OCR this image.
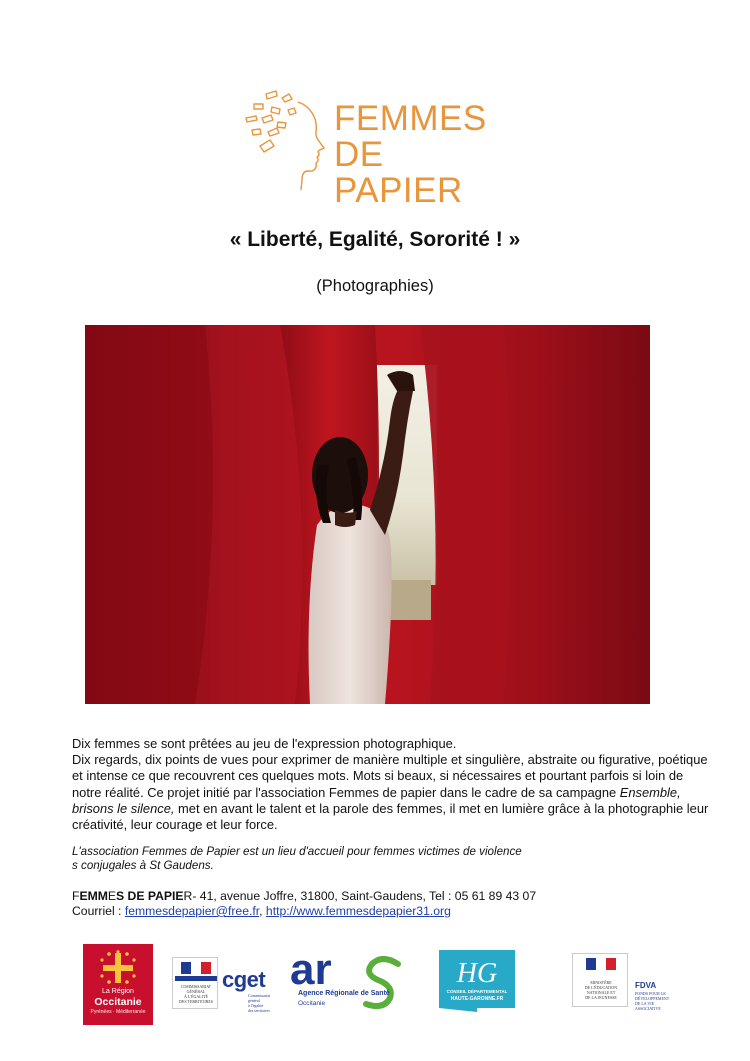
FEMMES
DE PAPIER
« Liberté, Egalité, Sororité ! »
(Photographies)

Dix femmes se sont prêtées au jeu de l'expression photographique.

Dix regards, dix points de vues pour exprimer de manière multiple et singulière, abstraite ou figurative, poétique et intense ce que recouvrent ces quelques mots. Mots si beaux, si nécessaires et pourtant parfois si loin de notre réalité. Ce projet initié par l'association Femmes de papier dans le cadre de sa campagne Ensemble, brisons le silence, met en avant le talent et la parole des femmes, il met en lumière grâce à la photographie leur créativité, leur courage et leur force.

L'association Femmes de Papier est un lieu d'accueil pour femmes victimes de violence
s conjugales à St Gaudens.
FEMMES DE PAPIER- 41, avenue Joffre, 31800, Saint-Gaudens, Tel : 05 61 89 43 07
Courriel : femmesdepapier@free.fr, http://www.femmesdepapier31.org
La Région
Occitanie
Pyrénées · Méditerranée
COMMISSARIAT
GÉNÉRAL
À L'ÉGALITÉ
DES TERRITOIRES
cget
Commissariat
général
à l'égalité
des territoires
ar
Agence Régionale de Santé
Occitanie
HG
CONSEIL DÉPARTEMENTAL
HAUTE-GARONNE.FR
MINISTÈRE
DE L'ÉDUCATION
NATIONALE ET
DE LA JEUNESSE
FDVA
FONDS POUR LE
DÉVELOPPEMENT
DE LA VIE
ASSOCIATIVE
